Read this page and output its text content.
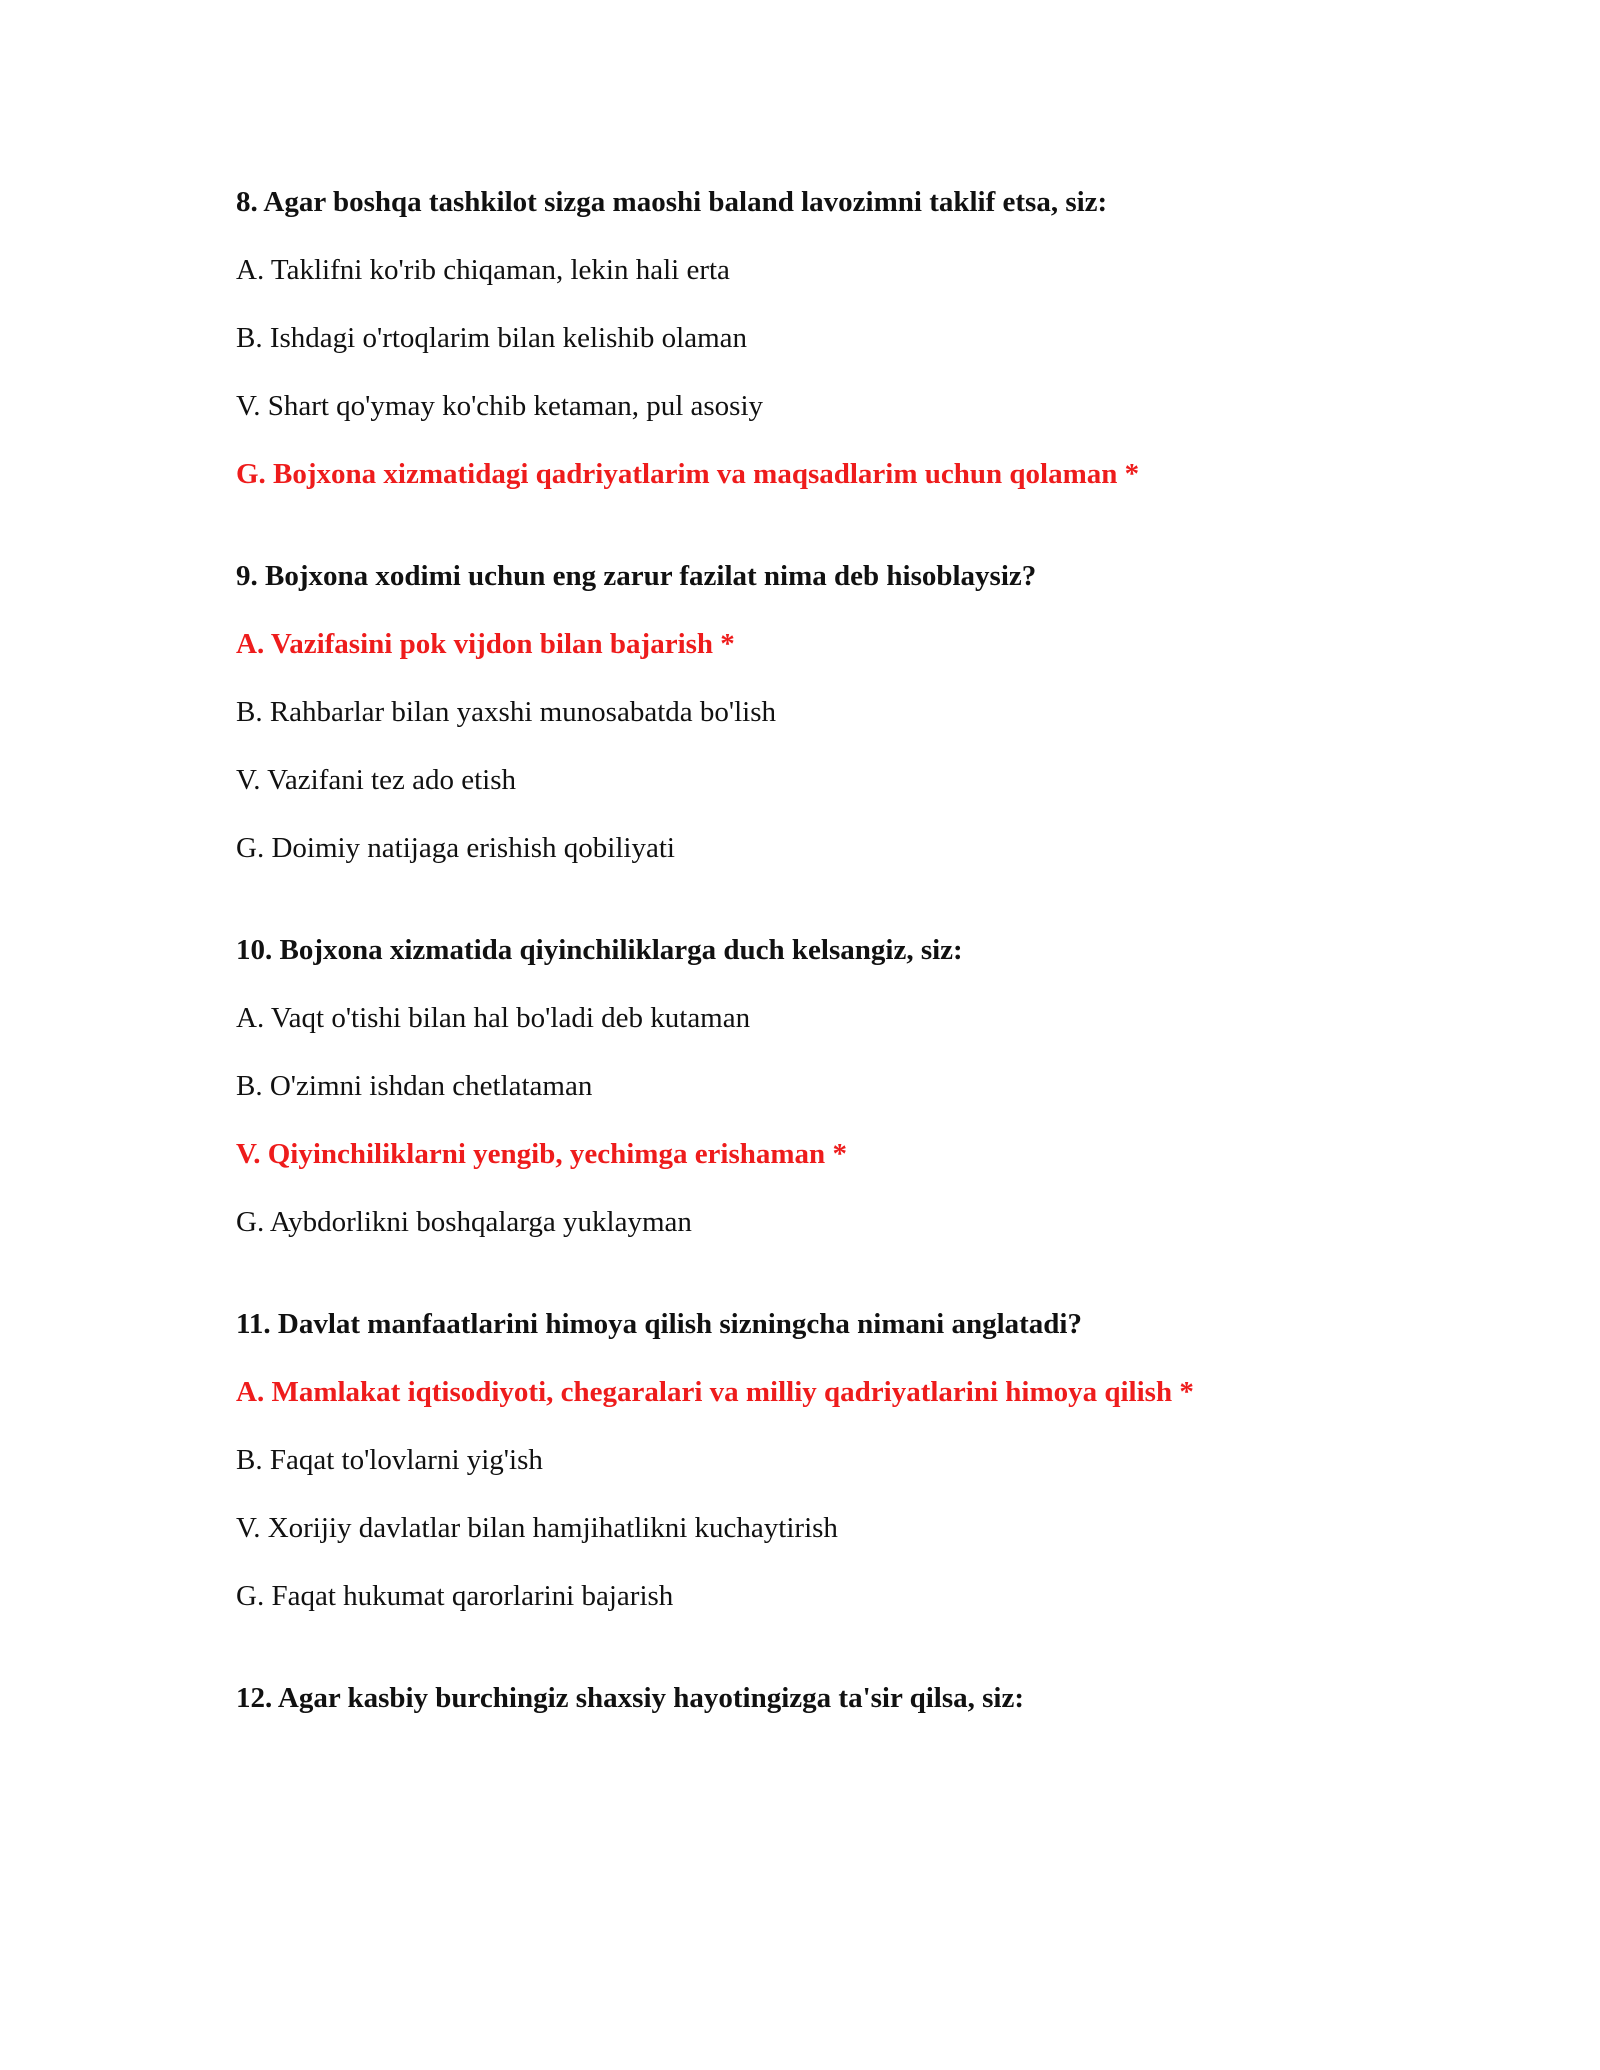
8. Agar boshqa tashkilot sizga maoshi baland lavozimni taklif etsa, siz:
A. Taklifni ko'rib chiqaman, lekin hali erta
B. Ishdagi o'rtoqlarim bilan kelishib olaman
V. Shart qo'ymay ko'chib ketaman, pul asosiy
G. Bojxona xizmatidagi qadriyatlarim va maqsadlarim uchun qolaman *
9. Bojxona xodimi uchun eng zarur fazilat nima deb hisoblaysiz?
A. Vazifasini pok vijdon bilan bajarish *
B. Rahbarlar bilan yaxshi munosabatda bo'lish
V. Vazifani tez ado etish
G. Doimiy natijaga erishish qobiliyati
10. Bojxona xizmatida qiyinchiliklarga duch kelsangiz, siz:
A. Vaqt o'tishi bilan hal bo'ladi deb kutaman
B. O'zimni ishdan chetlataman
V. Qiyinchiliklarni yengib, yechimga erishaman *
G. Aybdorlikni boshqalarga yuklayman
11. Davlat manfaatlarini himoya qilish sizningcha nimani anglatadi?
A. Mamlakat iqtisodiyoti, chegaralari va milliy qadriyatlarini himoya qilish *
B. Faqat to'lovlarni yig'ish
V. Xorijiy davlatlar bilan hamjihatlikni kuchaytirish
G. Faqat hukumat qarorlarini bajarish
12. Agar kasbiy burchingiz shaxsiy hayotingizga ta'sir qilsa, siz:
